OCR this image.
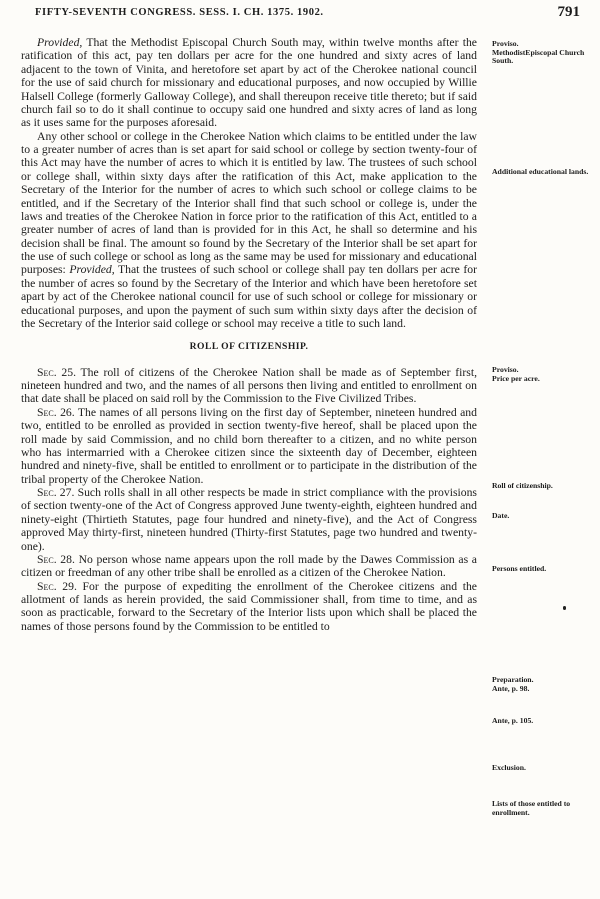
FIFTY-SEVENTH CONGRESS. SESS. I. CH. 1375. 1902.	791

Provided, That the Methodist Episcopal Church South may, within twelve months after the ratification of this act, pay ten dollars per acre for the one hundred and sixty acres of land adjacent to the town of Vinita, and heretofore set apart by act of the Cherokee national council for the use of said church for missionary and educational purposes, and now occupied by Willie Halsell College (formerly Galloway College), and shall thereupon receive title thereto; but if said church fail so to do it shall continue to occupy said one hundred and sixty acres of land as long as it uses same for the purposes aforesaid.

Any other school or college in the Cherokee Nation which claims to be entitled under the law to a greater number of acres than is set apart for said school or college by section twenty-four of this Act may have the number of acres to which it is entitled by law. The trustees of such school or college shall, within sixty days after the ratification of this Act, make application to the Secretary of the Interior for the number of acres to which such school or college claims to be entitled, and if the Secretary of the Interior shall find that such school or college is, under the laws and treaties of the Cherokee Nation in force prior to the ratification of this Act, entitled to a greater number of acres of land than is provided for in this Act, he shall so determine and his decision shall be final. The amount so found by the Secretary of the Interior shall be set apart for the use of such college or school as long as the same may be used for missionary and educational purposes: Provided, That the trustees of such school or college shall pay ten dollars per acre for the number of acres so found by the Secretary of the Interior and which have been heretofore set apart by act of the Cherokee national council for use of such school or college for missionary or educational purposes, and upon the payment of such sum within sixty days after the decision of the Secretary of the Interior said college or school may receive a title to such land.

ROLL OF CITIZENSHIP.

Sec. 25. The roll of citizens of the Cherokee Nation shall be made as of September first, nineteen hundred and two, and the names of all persons then living and entitled to enrollment on that date shall be placed on said roll by the Commission to the Five Civilized Tribes.

Sec. 26. The names of all persons living on the first day of September, nineteen hundred and two, entitled to be enrolled as provided in section twenty-five hereof, shall be placed upon the roll made by said Commission, and no child born thereafter to a citizen, and no white person who has intermarried with a Cherokee citizen since the sixteenth day of December, eighteen hundred and ninety-five, shall be entitled to enrollment or to participate in the distribution of the tribal property of the Cherokee Nation.

Sec. 27. Such rolls shall in all other respects be made in strict compliance with the provisions of section twenty-one of the Act of Congress approved June twenty-eighth, eighteen hundred and ninety-eight (Thirtieth Statutes, page four hundred and ninety-five), and the Act of Congress approved May thirty-first, nineteen hundred (Thirty-first Statutes, page two hundred and twenty-one).

Sec. 28. No person whose name appears upon the roll made by the Dawes Commission as a citizen or freedman of any other tribe shall be enrolled as a citizen of the Cherokee Nation.

Sec. 29. For the purpose of expediting the enrollment of the Cherokee citizens and the allotment of lands as herein provided, the said Commissioner shall, from time to time, and as soon as practicable, forward to the Secretary of the Interior lists upon which shall be placed the names of those persons found by the Commission to be entitled to

Proviso.
MethodistEpiscopal Church South.
Additional educational lands.
Proviso.
Price per acre.
Roll of citizenship.
Date.
Persons entitled.
Preparation.
Ante, p. 98.
Ante, p. 105.
Exclusion.
Lists of those entitled to enrollment.
